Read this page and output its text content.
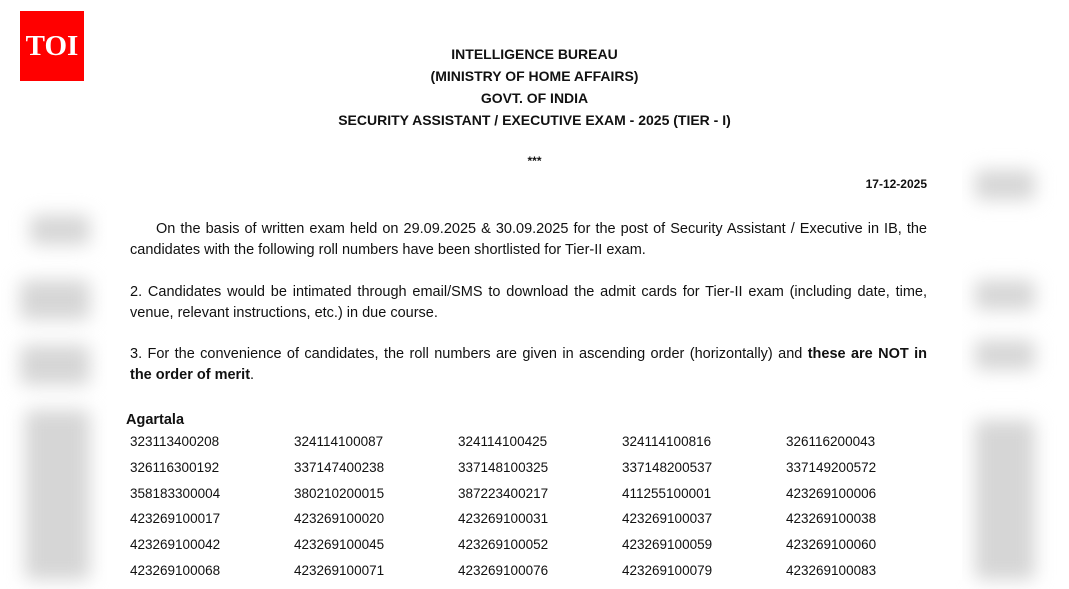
TOI	INTELLIGENCE BUREAU
(MINISTRY OF HOME AFFAIRS)
GOVT. OF INDIA
SECURITY ASSISTANT / EXECUTIVE EXAM - 2025 (TIER - I)
***
17-12-2025
On the basis of written exam held on 29.09.2025 & 30.09.2025 for the post of Security Assistant / Executive in IB, the candidates with the following roll numbers have been shortlisted for Tier-II exam.
2. Candidates would be intimated through email/SMS to download the admit cards for Tier-II exam (including date, time, venue, relevant instructions, etc.) in due course.
3. For the convenience of candidates, the roll numbers are given in ascending order (horizontally) and these are NOT in the order of merit.
Agartala
323113400208	324114100087	324114100425	324114100816	326116200043
326116300192	337147400238	337148100325	337148200537	337149200572
358183300004	380210200015	387223400217	411255100001	423269100006
423269100017	423269100020	423269100031	423269100037	423269100038
423269100042	423269100045	423269100052	423269100059	423269100060
423269100068	423269100071	423269100076	423269100079	423269100083
